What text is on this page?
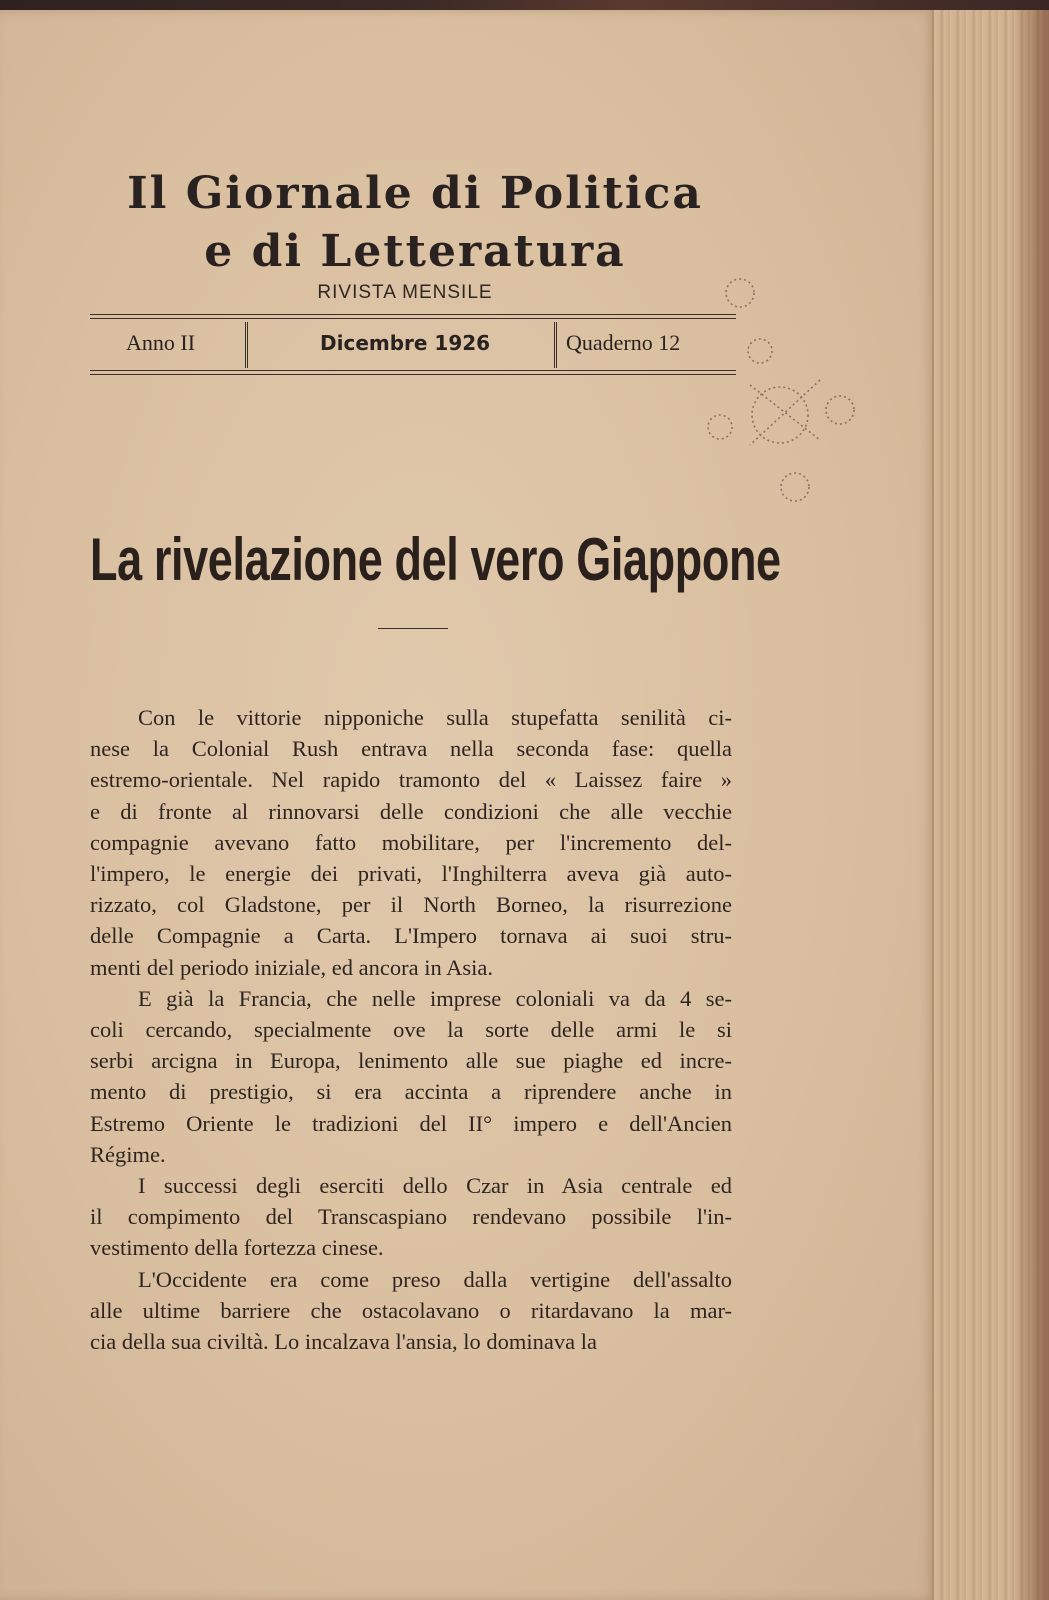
Il Giornale di Politica
e di Letteratura
RIVISTA MENSILE
Anno II	Dicembre 1926	Quaderno 12
La rivelazione del vero Giappone
Con le vittorie nipponiche sulla stupefatta senilità ci-
nese la Colonial Rush entrava nella seconda fase: quella
estremo-orientale. Nel rapido tramonto del « Laissez faire »
e di fronte al rinnovarsi delle condizioni che alle vecchie
compagnie avevano fatto mobilitare, per l'incremento del-
l'impero, le energie dei privati, l'Inghilterra aveva già auto-
rizzato, col Gladstone, per il North Borneo, la risurrezione
delle Compagnie a Carta. L'Impero tornava ai suoi stru-
menti del periodo iniziale, ed ancora in Asia.
E già la Francia, che nelle imprese coloniali va da 4 se-
coli cercando, specialmente ove la sorte delle armi le si
serbi arcigna in Europa, lenimento alle sue piaghe ed incre-
mento di prestigio, si era accinta a riprendere anche in
Estremo Oriente le tradizioni del II° impero e dell'Ancien
Régime.
I successi degli eserciti dello Czar in Asia centrale ed
il compimento del Transcaspiano rendevano possibile l'in-
vestimento della fortezza cinese.
L'Occidente era come preso dalla vertigine dell'assalto
alle ultime barriere che ostacolavano o ritardavano la mar-
cia della sua civiltà. Lo incalzava l'ansia, lo dominava la
